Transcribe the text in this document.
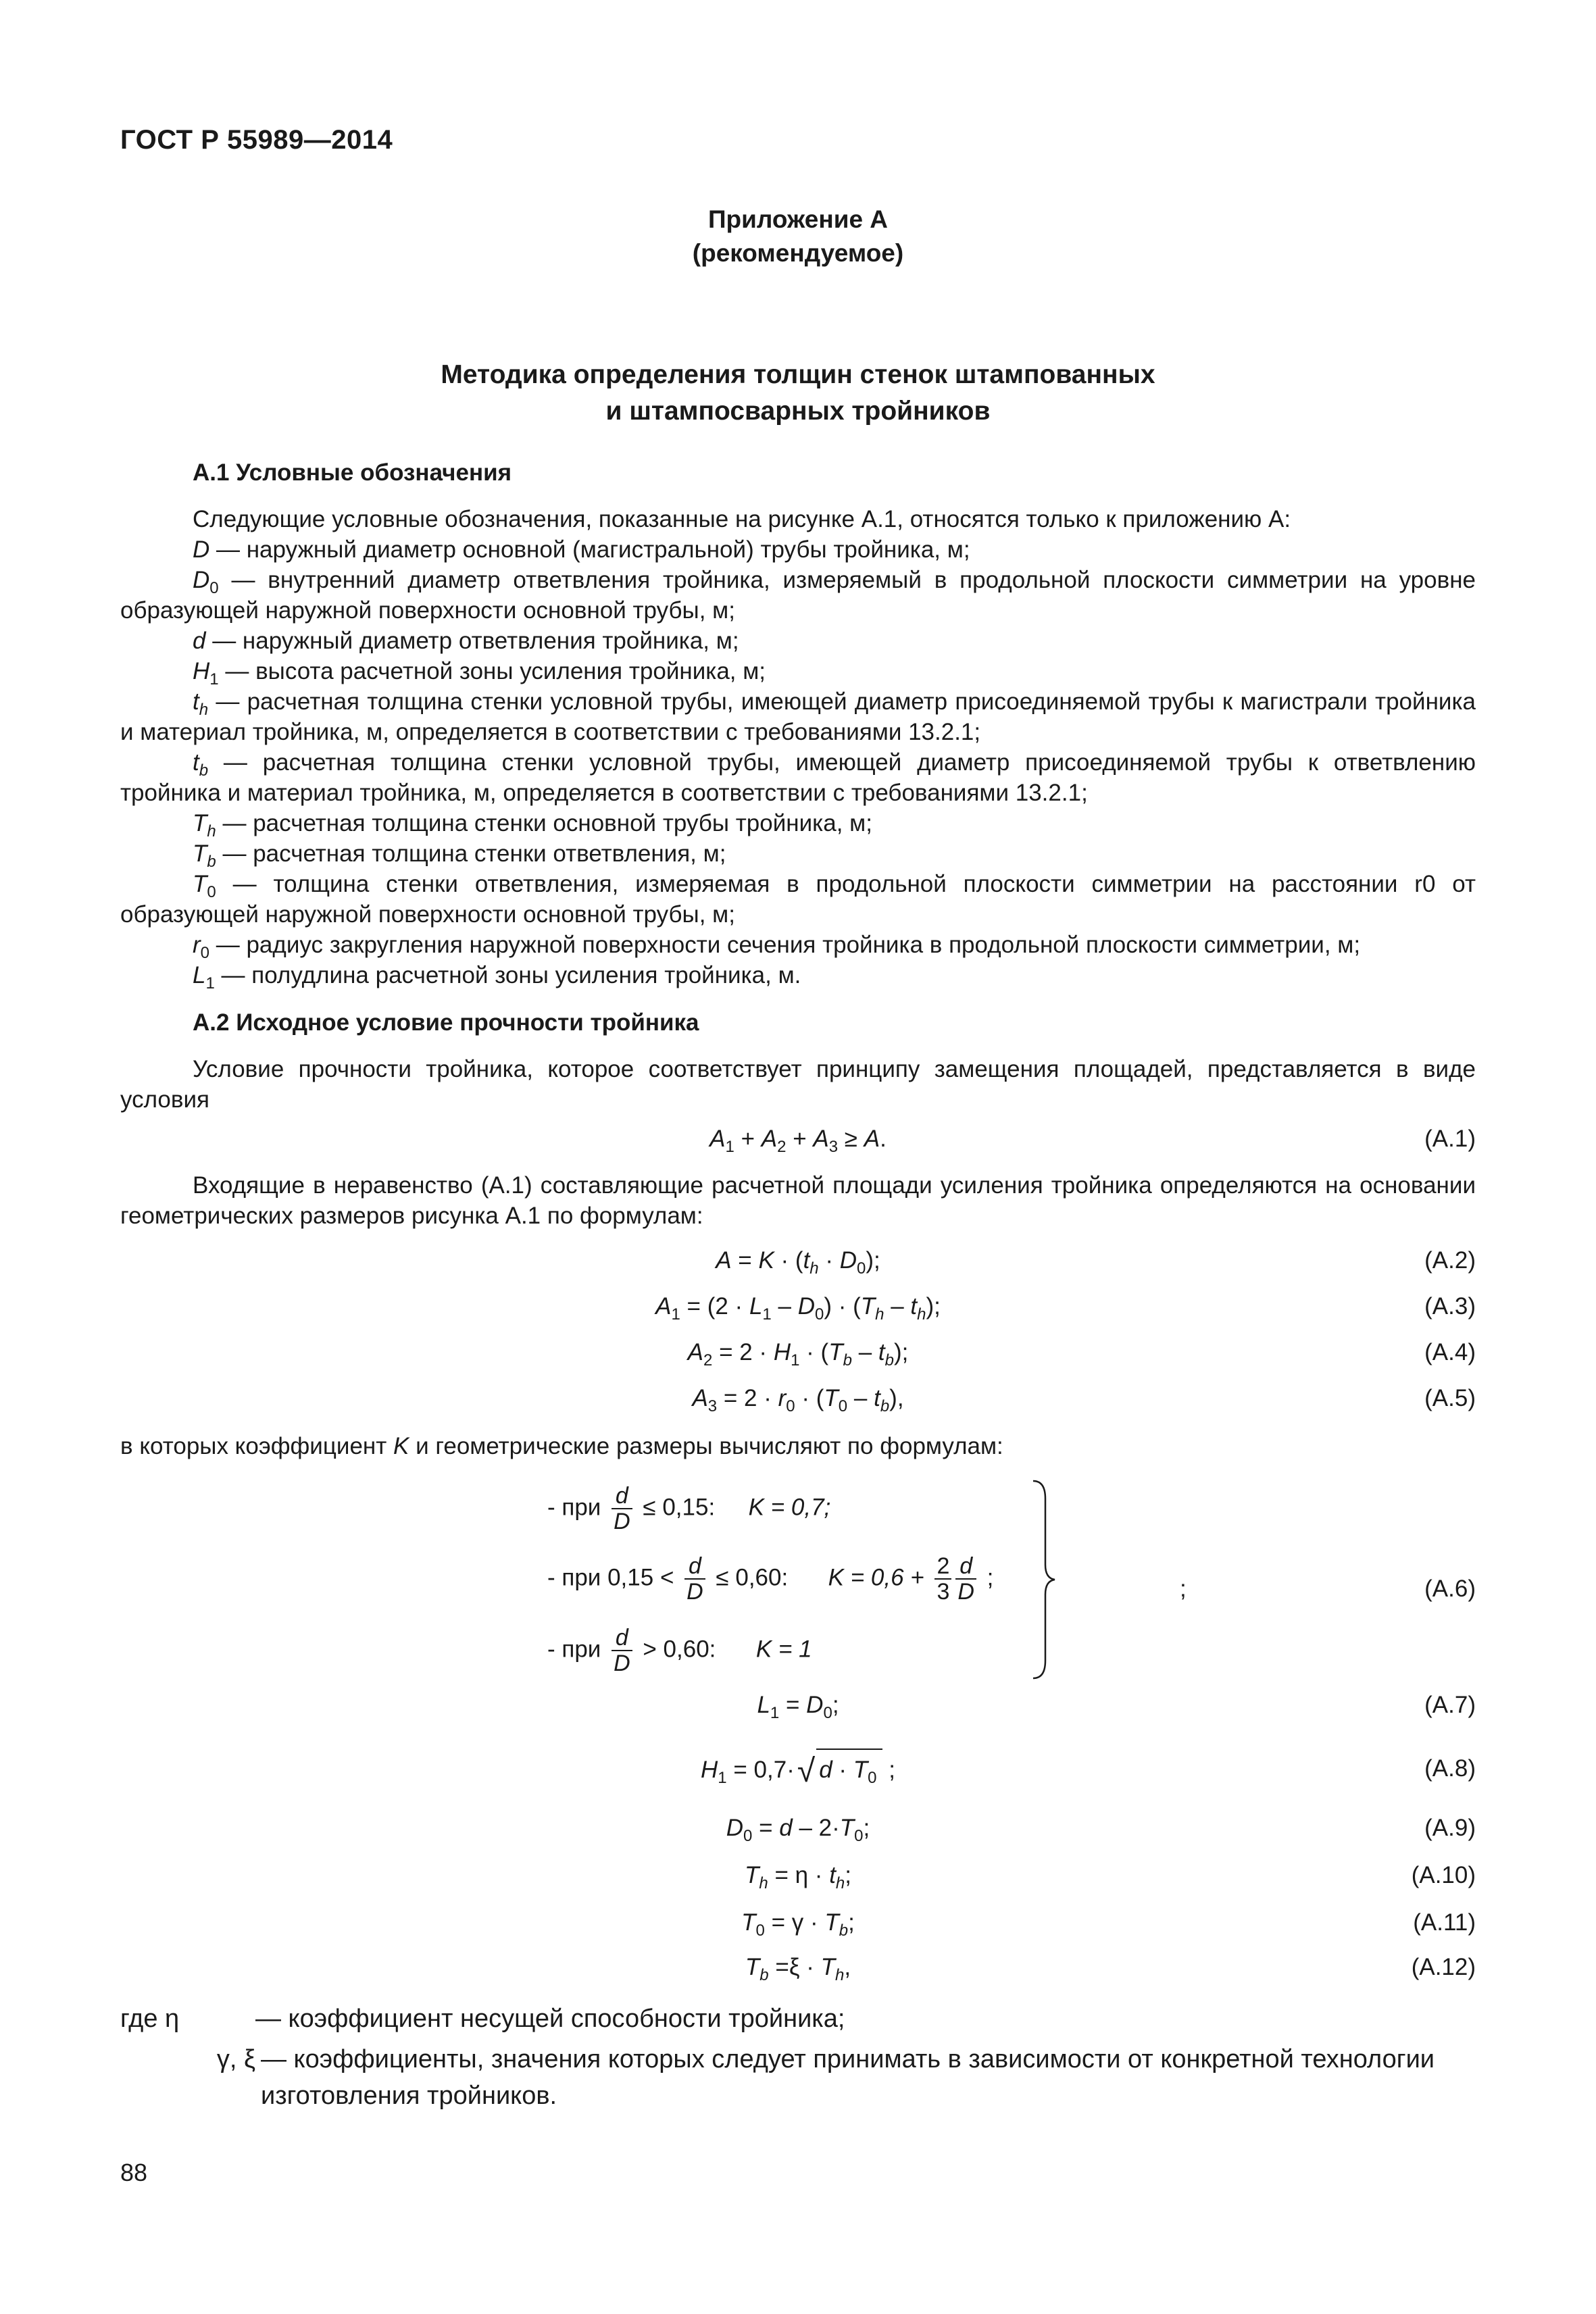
ГОСТ Р 55989—2014
Приложение А
(рекомендуемое)
Методика определения толщин стенок штампованных
и штампосварных тройников
А.1 Условные обозначения

Следующие условные обозначения, показанные на рисунке А.1, относятся только к приложению А:

D — наружный диаметр основной (магистральной) трубы тройника, м;

$D_0$ — внутренний диаметр ответвления тройника, измеряемый в продольной плоскости симметрии на уровне образующей наружной поверхности основной трубы, м;

d — наружный диаметр ответвления тройника, м;

$H_1$ — высота расчетной зоны усиления тройника, м;

$t_h$ — расчетная толщина стенки условной трубы, имеющей диаметр присоединяемой трубы к магистрали тройника и материал тройника, м, определяется в соответствии с требованиями 13.2.1;

$t_b$ — расчетная толщина стенки условной трубы, имеющей диаметр присоединяемой трубы к ответвлению тройника и материал тройника, м, определяется в соответствии с требованиями 13.2.1;

$T_h$ — расчетная толщина стенки основной трубы тройника, м;

$T_b$ — расчетная толщина стенки ответвления, м;

$T_0$ — толщина стенки ответвления, измеряемая в продольной плоскости симметрии на расстоянии r0 от образующей наружной поверхности основной трубы, м;

$r_0$ — радиус закругления наружной поверхности сечения тройника в продольной плоскости симметрии, м;

$L_1$ — полудлина расчетной зоны усиления тройника, м.

А.2 Исходное условие прочности тройника

Условие прочности тройника, которое соответствует принципу замещения площадей, представляется в виде условия

$A_1 + A_2 + A_3 \ge A$.	(А.1)

Входящие в неравенство (А.1) составляющие расчетной площади усиления тройника определяются на основании геометрических размеров рисунка А.1 по формулам:

$A = K \cdot (t_h \cdot D_0)$;	(А.2)
$A_1 = (2 \cdot L_1 - D_0) \cdot (T_h - t_h)$;	(А.3)
$A_2 = 2 \cdot H_1 \cdot (T_b - t_b)$;	(А.4)
$A_3 = 2 \cdot r_0 \cdot (T_0 - t_b)$,	(А.5)

в которых коэффициент K и геометрические размеры вычисляют по формулам:

- при $\frac{d}{D} \le 0,15$: K = 0,7;
- при $0,15 < \frac{d}{D} \le 0,60$: $K = 0,6 + \frac{2}{3} \frac{d}{D}$ ;
- при $\frac{d}{D} > 0,60$: K = 1
;	(А.6)
$L_1 = D_0$;	(А.7)
$H_1 = 0,7\cdot√$ $d \cdot T_0$ ;	(А.8)
$D_0 = d - 2\cdot T_0$;	(А.9)
$T_h = \eta \cdot t_h$;	(А.10)
$T_0 = \gamma \cdot T_b$;	(А.11)
$T_b =\xi \cdot T_h$,	(А.12)
где η	— коэффициент несущей способности тройника;
γ, ξ — коэффициенты, значения которых следует принимать в зависимости от конкретной технологии
изготовления тройников.
88
